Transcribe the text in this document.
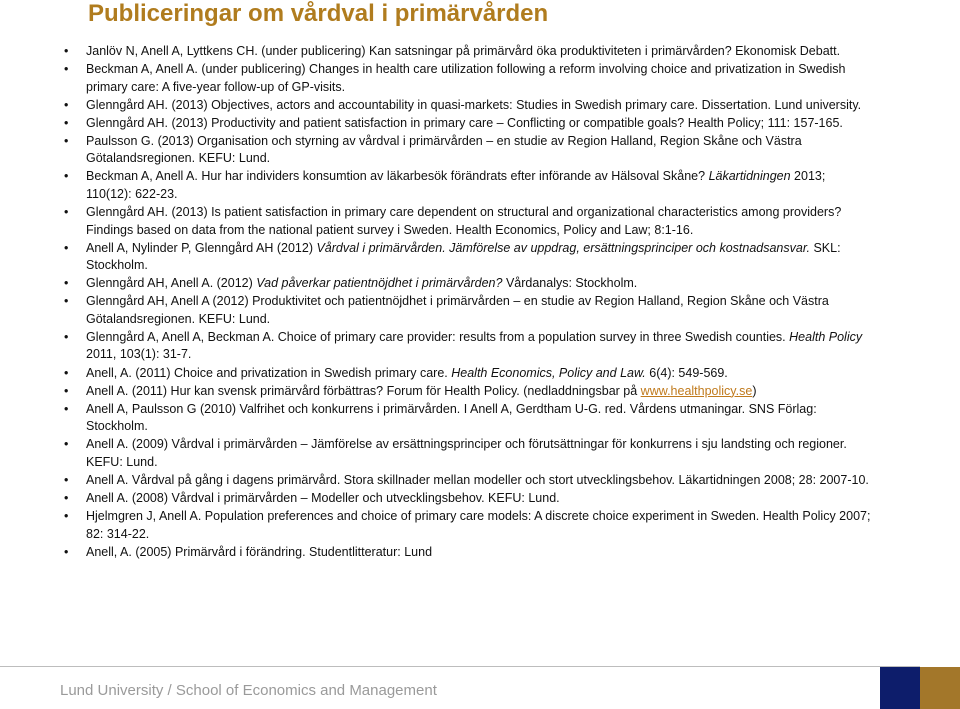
Publiceringar om vårdval i primärvården
• Janlöv N, Anell A, Lyttkens CH. (under publicering) Kan satsningar på primärvård öka produktiviteten i primärvården? Ekonomisk Debatt.
• Beckman A, Anell A. (under publicering) Changes in health care utilization following a reform involving choice and privatization in Swedish primary care: A five-year follow-up of GP-visits.
• Glenngård AH. (2013) Objectives, actors and accountability in quasi-markets: Studies in Swedish primary care. Dissertation. Lund university.
• Glenngård AH. (2013) Productivity and patient satisfaction in primary care – Conflicting or compatible goals? Health Policy; 111: 157-165.
• Paulsson G. (2013) Organisation och styrning av vårdval i primärvården – en studie av Region Halland, Region Skåne och Västra Götalandsregionen. KEFU: Lund.
• Beckman A, Anell A. Hur har individers konsumtion av läkarbesök förändrats efter införande av Hälsoval Skåne? Läkartidningen 2013; 110(12): 622-23.
• Glenngård AH. (2013) Is patient satisfaction in primary care dependent on structural and organizational characteristics among providers? Findings based on data from the national patient survey i Sweden. Health Economics, Policy and Law; 8:1-16.
• Anell A, Nylinder P, Glenngård AH (2012) Vårdval i primärvården. Jämförelse av uppdrag, ersättningsprinciper och kostnadsansvar. SKL: Stockholm.
• Glenngård AH, Anell A. (2012) Vad påverkar patientnöjdhet i primärvården? Vårdanalys: Stockholm.
• Glenngård AH, Anell A (2012) Produktivitet och patientnöjdhet i primärvården – en studie av Region Halland, Region Skåne och Västra Götalandsregionen. KEFU: Lund.
• Glenngård A, Anell A, Beckman A. Choice of primary care provider: results from a population survey in three Swedish counties. Health Policy 2011, 103(1): 31-7.
• Anell, A. (2011) Choice and privatization in Swedish primary care. Health Economics, Policy and Law. 6(4): 549-569.
• Anell A. (2011) Hur kan svensk primärvård förbättras? Forum för Health Policy. (nedladdningsbar på www.healthpolicy.se)
• Anell A, Paulsson G (2010) Valfrihet och konkurrens i primärvården. I Anell A, Gerdtham U-G. red. Vårdens utmaningar. SNS Förlag: Stockholm.
• Anell A. (2009) Vårdval i primärvården – Jämförelse av ersättningsprinciper och förutsättningar för konkurrens i sju landsting och regioner. KEFU: Lund.
• Anell A. Vårdval på gång i dagens primärvård. Stora skillnader mellan modeller och stort utvecklingsbehov. Läkartidningen 2008; 28: 2007-10.
• Anell A. (2008) Vårdval i primärvården – Modeller och utvecklingsbehov. KEFU: Lund.
• Hjelmgren J, Anell A. Population preferences and choice of primary care models: A discrete choice experiment in Sweden. Health Policy 2007; 82: 314-22.
• Anell, A. (2005) Primärvård i förändring. Studentlitteratur: Lund
Lund University / School of Economics and Management
